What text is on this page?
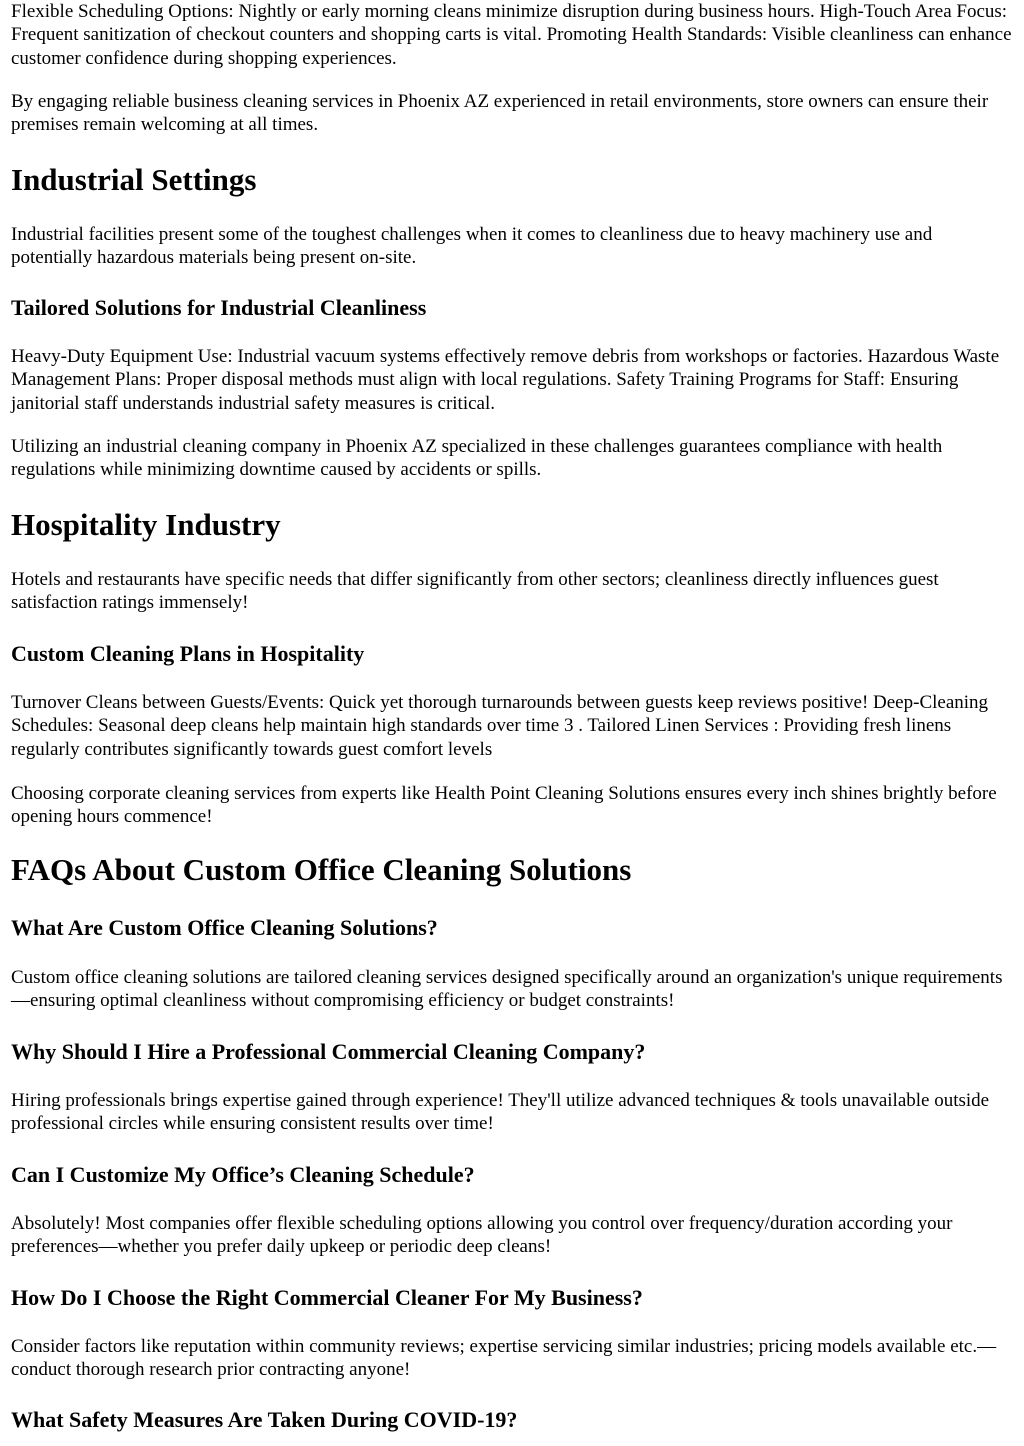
Flexible Scheduling Options: Nightly or early morning cleans minimize disruption during business hours. High-Touch Area Focus: Frequent sanitization of checkout counters and shopping carts is vital. Promoting Health Standards: Visible cleanliness can enhance customer confidence during shopping experiences.

By engaging reliable business cleaning services in Phoenix AZ experienced in retail environments, store owners can ensure their premises remain welcoming at all times.

Industrial Settings

Industrial facilities present some of the toughest challenges when it comes to cleanliness due to heavy machinery use and potentially hazardous materials being present on-site.

Tailored Solutions for Industrial Cleanliness

Heavy-Duty Equipment Use: Industrial vacuum systems effectively remove debris from workshops or factories. Hazardous Waste Management Plans: Proper disposal methods must align with local regulations. Safety Training Programs for Staff: Ensuring janitorial staff understands industrial safety measures is critical.

Utilizing an industrial cleaning company in Phoenix AZ specialized in these challenges guarantees compliance with health regulations while minimizing downtime caused by accidents or spills.

Hospitality Industry

Hotels and restaurants have specific needs that differ significantly from other sectors; cleanliness directly influences guest satisfaction ratings immensely!

Custom Cleaning Plans in Hospitality

Turnover Cleans between Guests/Events: Quick yet thorough turnarounds between guests keep reviews positive! Deep-Cleaning Schedules: Seasonal deep cleans help maintain high standards over time 3 . Tailored Linen Services : Providing fresh linens regularly contributes significantly towards guest comfort levels

Choosing corporate cleaning services from experts like Health Point Cleaning Solutions ensures every inch shines brightly before opening hours commence!

FAQs About Custom Office Cleaning Solutions
What Are Custom Office Cleaning Solutions?

Custom office cleaning solutions are tailored cleaning services designed specifically around an organization's unique requirements—ensuring optimal cleanliness without compromising efficiency or budget constraints!

Why Should I Hire a Professional Commercial Cleaning Company?

Hiring professionals brings expertise gained through experience! They'll utilize advanced techniques & tools unavailable outside professional circles while ensuring consistent results over time!

Can I Customize My Office’s Cleaning Schedule?

Absolutely! Most companies offer flexible scheduling options allowing you control over frequency/duration according your preferences—whether you prefer daily upkeep or periodic deep cleans!

How Do I Choose the Right Commercial Cleaner For My Business?

Consider factors like reputation within community reviews; expertise servicing similar industries; pricing models available etc.—conduct thorough research prior contracting anyone!

What Safety Measures Are Taken During COVID-19?
